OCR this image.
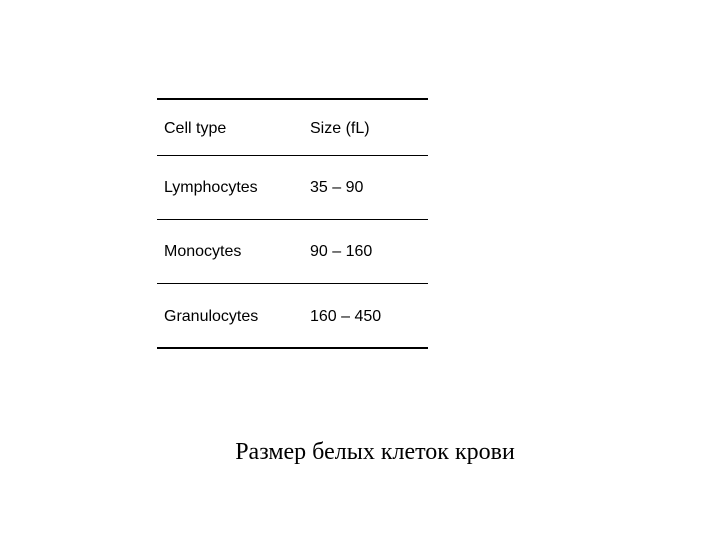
Cell type	Size (fL)
Lymphocytes	35 – 90
Monocytes	90 – 160
Granulocytes	160 – 450
Размер белых клеток крови
